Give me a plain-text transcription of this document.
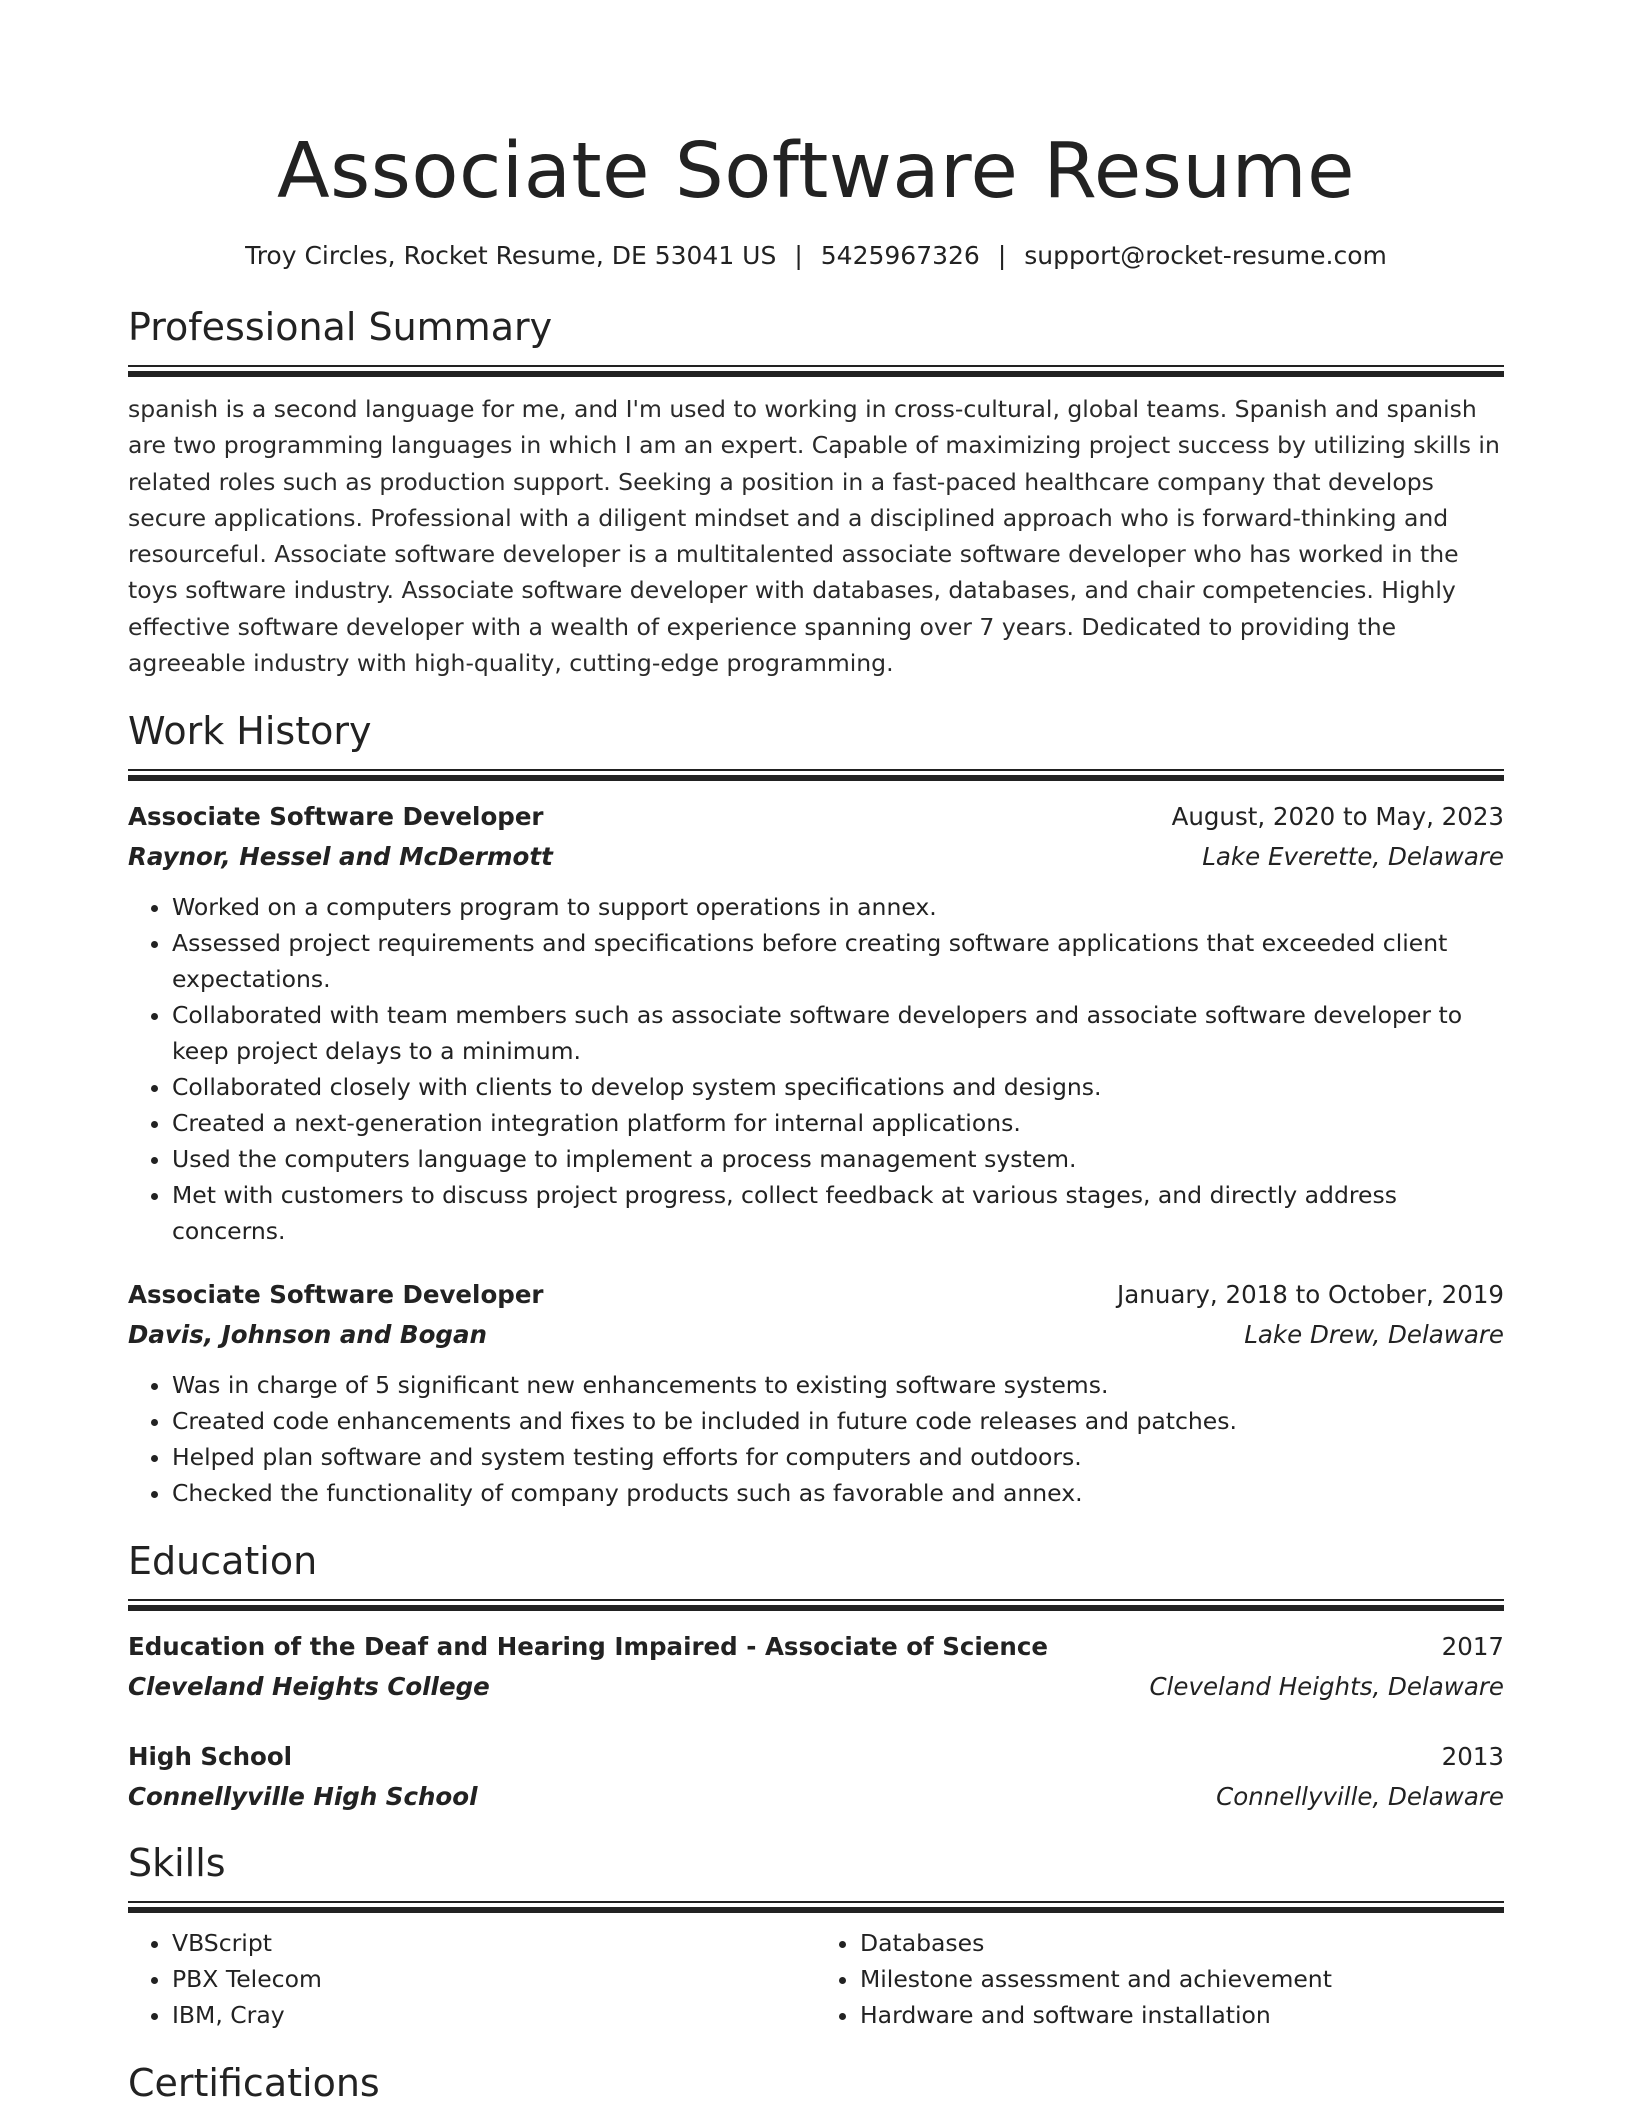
Associate Software Resume
Troy Circles, Rocket Resume, DE 53041 US | 5425967326 | support@rocket-resume.com
Professional Summary

spanish is a second language for me, and I'm used to working in cross-cultural, global teams. Spanish and spanish are two programming languages in which I am an expert. Capable of maximizing project success by utilizing skills in related roles such as production support. Seeking a position in a fast-paced healthcare company that develops secure applications. Professional with a diligent mindset and a disciplined approach who is forward-thinking and resourceful. Associate software developer is a multitalented associate software developer who has worked in the toys software industry. Associate software developer with databases, databases, and chair competencies. Highly effective software developer with a wealth of experience spanning over 7 years. Dedicated to providing the agreeable industry with high-quality, cutting-edge programming.

Work History
Associate Software Developer	August, 2020 to May, 2023
Raynor, Hessel and McDermott	Lake Everette, Delaware
• Worked on a computers program to support operations in annex.
• Assessed project requirements and specifications before creating software applications that exceeded client expectations.
• Collaborated with team members such as associate software developers and associate software developer to keep project delays to a minimum.
• Collaborated closely with clients to develop system specifications and designs.
• Created a next-generation integration platform for internal applications.
• Used the computers language to implement a process management system.
• Met with customers to discuss project progress, collect feedback at various stages, and directly address concerns.
Associate Software Developer	January, 2018 to October, 2019
Davis, Johnson and Bogan	Lake Drew, Delaware
• Was in charge of 5 significant new enhancements to existing software systems.
• Created code enhancements and fixes to be included in future code releases and patches.
• Helped plan software and system testing efforts for computers and outdoors.
• Checked the functionality of company products such as favorable and annex.
Education
Education of the Deaf and Hearing Impaired - Associate of Science	2017
Cleveland Heights College	Cleveland Heights, Delaware
High School	2013
Connellyville High School	Connellyville, Delaware
Skills
• VBScript
• PBX Telecom
• IBM, Cray
• Databases
• Milestone assessment and achievement
• Hardware and software installation
Certifications
